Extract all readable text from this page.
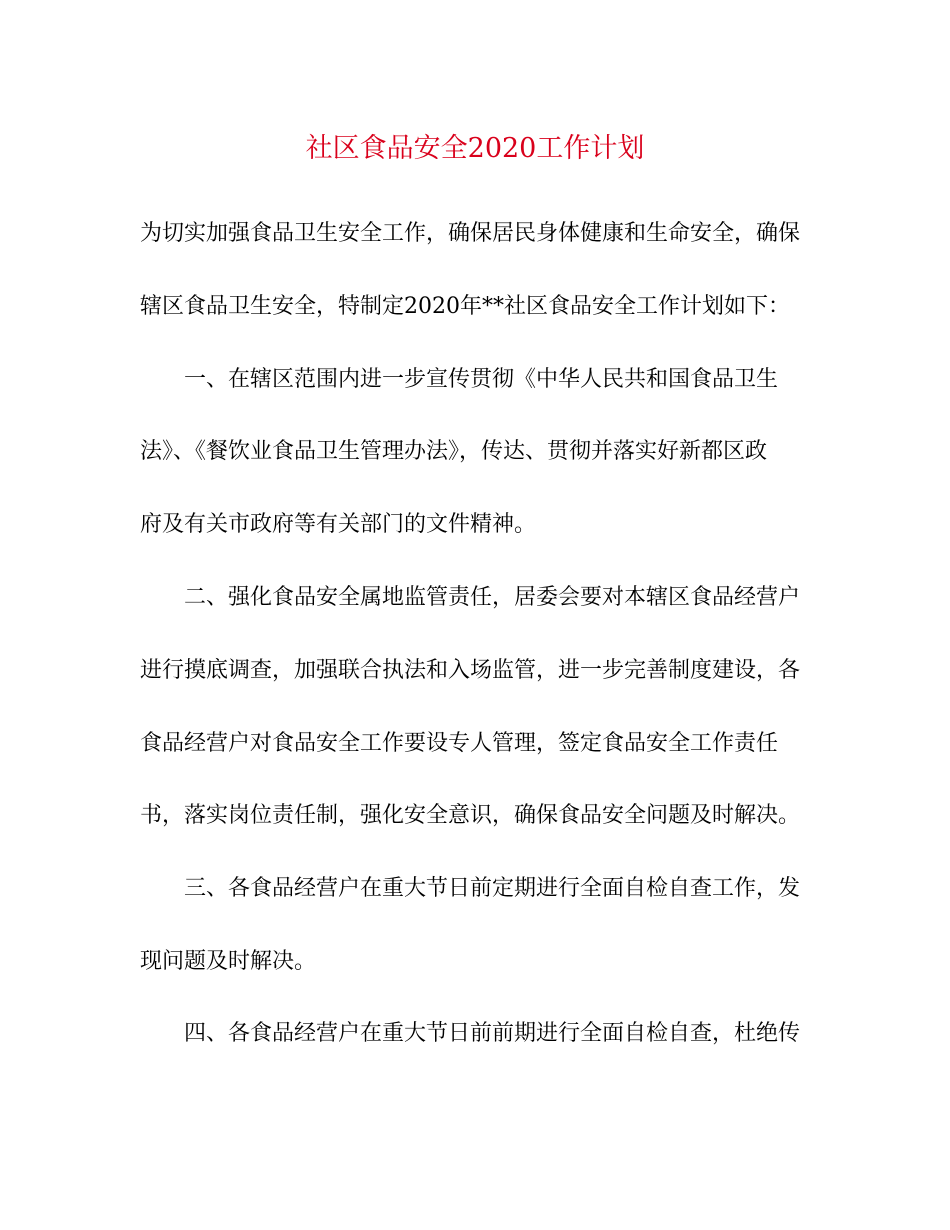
社区食品安全2020工作计划
为切实加强食品卫生安全工作，确保居民身体健康和生命安全，确保
辖区食品卫生安全，特制定2020年**社区食品安全工作计划如下：
　　一、在辖区范围内进一步宣传贯彻《中华人民共和国食品卫生
法》、《餐饮业食品卫生管理办法》，传达、贯彻并落实好新都区政
府及有关市政府等有关部门的文件精神。
　　二、强化食品安全属地监管责任，居委会要对本辖区食品经营户
进行摸底调查，加强联合执法和入场监管，进一步完善制度建设，各
食品经营户对食品安全工作要设专人管理，签定食品安全工作责任
书，落实岗位责任制，强化安全意识，确保食品安全问题及时解决。
　　三、各食品经营户在重大节日前定期进行全面自检自查工作，发
现问题及时解决。
　　四、各食品经营户在重大节日前前期进行全面自检自查，杜绝传
